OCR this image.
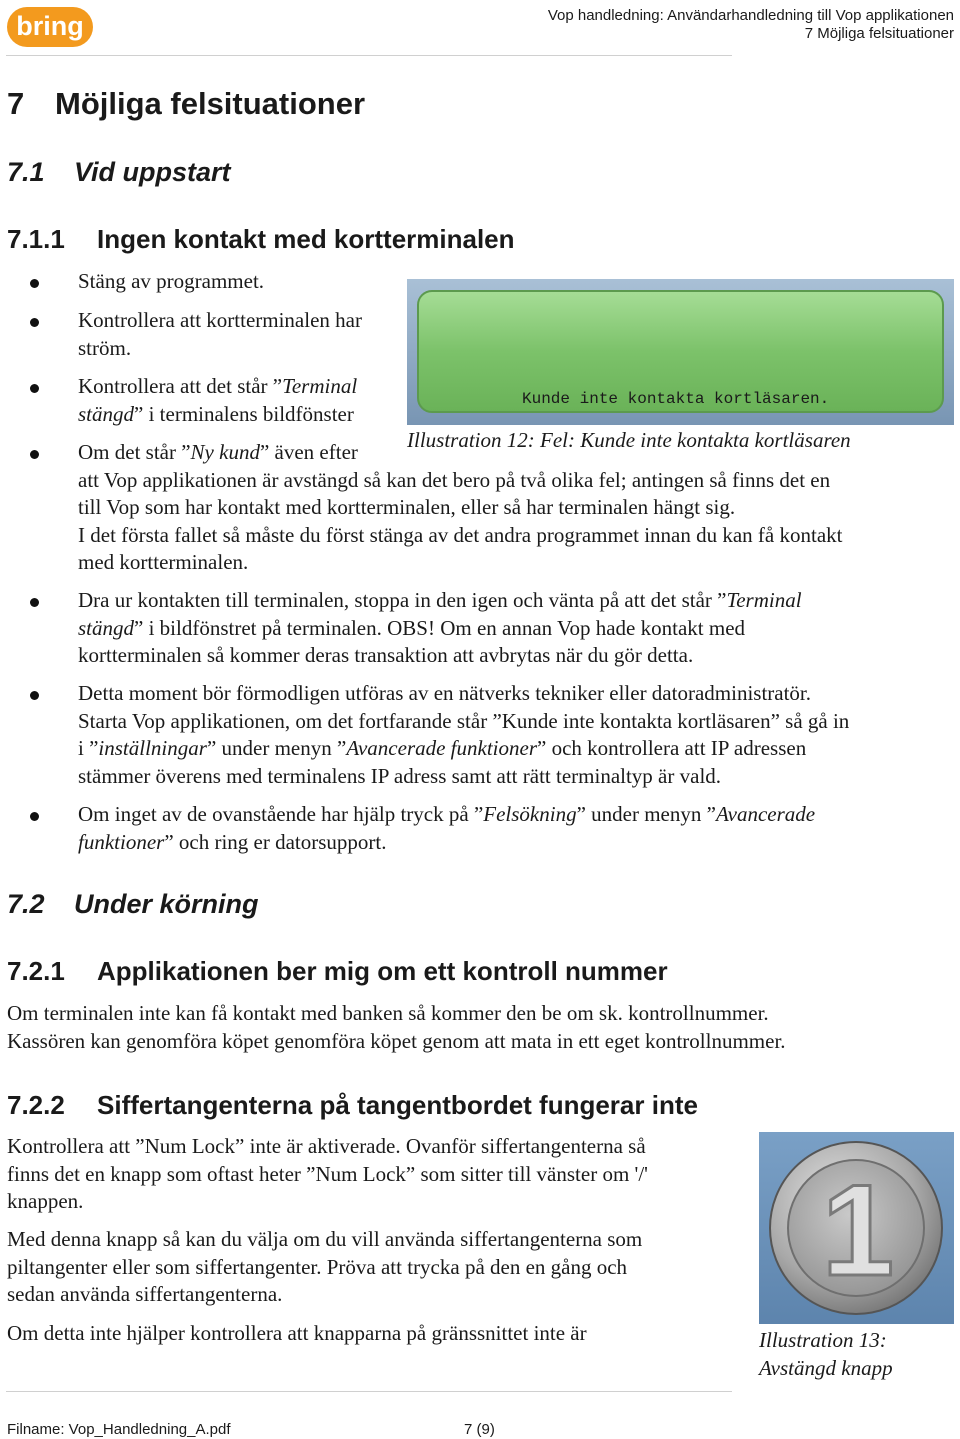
bring	Vop handledning: Användarhandledning till Vop applikationen
7 Möjliga felsituationer
7 Möjliga felsituationer
7.1 Vid uppstart
7.1.1 Ingen kontakt med kortterminalen
Stäng av programmet.
Kontrollera att kortterminalen har
ström.
Kontrollera att det står ”Terminal
stängd” i terminalens bildfönster
Kunde inte kontakta kortläsaren.
Illustration 12: Fel: Kunde inte kontakta kortläsaren
Om det står ”Ny kund” även efter
att Vop applikationen är avstängd så kan det bero på två olika fel; antingen så finns det en
till Vop som har kontakt med kortterminalen, eller så har terminalen hängt sig.
I det första fallet så måste du först stänga av det andra programmet innan du kan få kontakt
med kortterminalen.
Dra ur kontakten till terminalen, stoppa in den igen och vänta på att det står ”Terminal
stängd” i bildfönstret på terminalen. OBS! Om en annan Vop hade kontakt med
kortterminalen så kommer deras transaktion att avbrytas när du gör detta.
Detta moment bör förmodligen utföras av en nätverks tekniker eller datoradministratör.
Starta Vop applikationen, om det fortfarande står ”Kunde inte kontakta kortläsaren” så gå in
i ”inställningar” under menyn ”Avancerade funktioner” och kontrollera att IP adressen
stämmer överens med terminalens IP adress samt att rätt terminaltyp är vald.
Om inget av de ovanstående har hjälp tryck på ”Felsökning” under menyn ”Avancerade
funktioner” och ring er datorsupport.
7.2 Under körning
7.2.1 Applikationen ber mig om ett kontroll nummer
Om terminalen inte kan få kontakt med banken så kommer den be om sk. kontrollnummer.
Kassören kan genomföra köpet genomföra köpet genom att mata in ett eget kontrollnummer.
7.2.2 Siffertangenterna på tangentbordet fungerar inte
Kontrollera att ”Num Lock” inte är aktiverade. Ovanför siffertangenterna så
finns det en knapp som oftast heter ”Num Lock” som sitter till vänster om '/'
knappen.
Med denna knapp så kan du välja om du vill använda siffertangenterna som
piltangenter eller som siffertangenter. Pröva att trycka på den en gång och
sedan använda siffertangenterna.
Om detta inte hjälper kontrollera att knapparna på gränssnittet inte är
1
Illustration 13:
Avstängd knapp
Filname: Vop_Handledning_A.pdf	7 (9)
